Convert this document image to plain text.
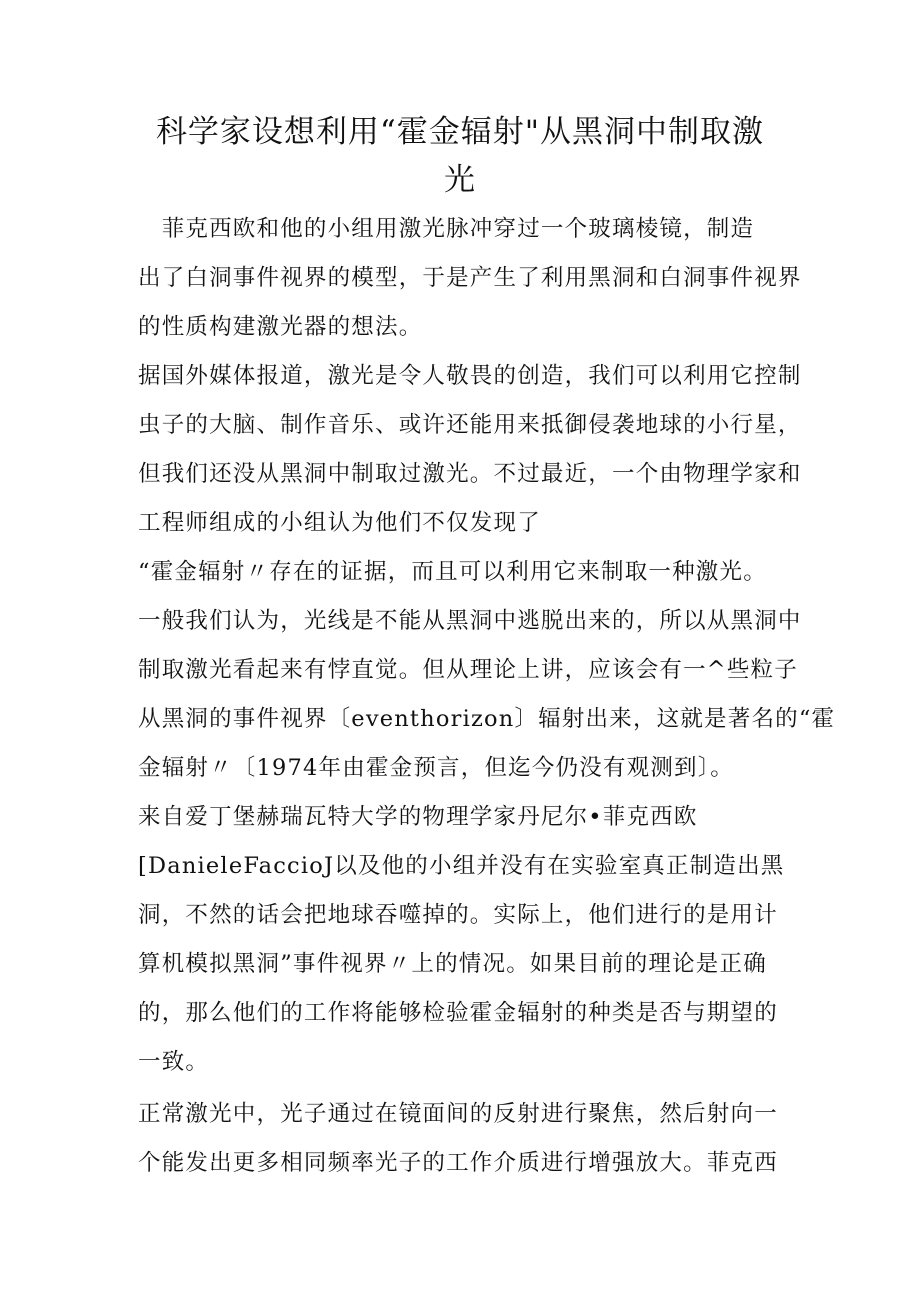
科学家设想利用“霍金辐射"从黑洞中制取激
光

　菲克西欧和他的小组用激光脉冲穿过一个玻璃棱镜，制造

出了白洞事件视界的模型，于是产生了利用黑洞和白洞事件视界

的性质构建激光器的想法。

据国外媒体报道，激光是令人敬畏的创造，我们可以利用它控制

虫子的大脑、制作音乐、或许还能用来抵御侵袭地球的小行星，

但我们还没从黑洞中制取过激光。不过最近，一个由物理学家和

工程师组成的小组认为他们不仅发现了

“霍金辐射〃存在的证据，而且可以利用它来制取一种激光。

一般我们认为，光线是不能从黑洞中逃脱出来的，所以从黑洞中

制取激光看起来有悖直觉。但从理论上讲，应该会有一^些粒子

从黑洞的事件视界〔eventhorizon〕辐射出来，这就是著名的“霍

金辐射〃〔1974年由霍金预言，但迄今仍没有观测到〕。

来自爱丁堡赫瑞瓦特大学的物理学家丹尼尔•菲克西欧

[DanieleFaccioJ以及他的小组并没有在实验室真正制造出黑

洞，不然的话会把地球吞噬掉的。实际上，他们进行的是用计

算机模拟黑洞”事件视界〃上的情况。如果目前的理论是正确

的，那么他们的工作将能够检验霍金辐射的种类是否与期望的

一致。

正常激光中，光子通过在镜面间的反射进行聚焦，然后射向一

个能发出更多相同频率光子的工作介质进行增强放大。菲克西
